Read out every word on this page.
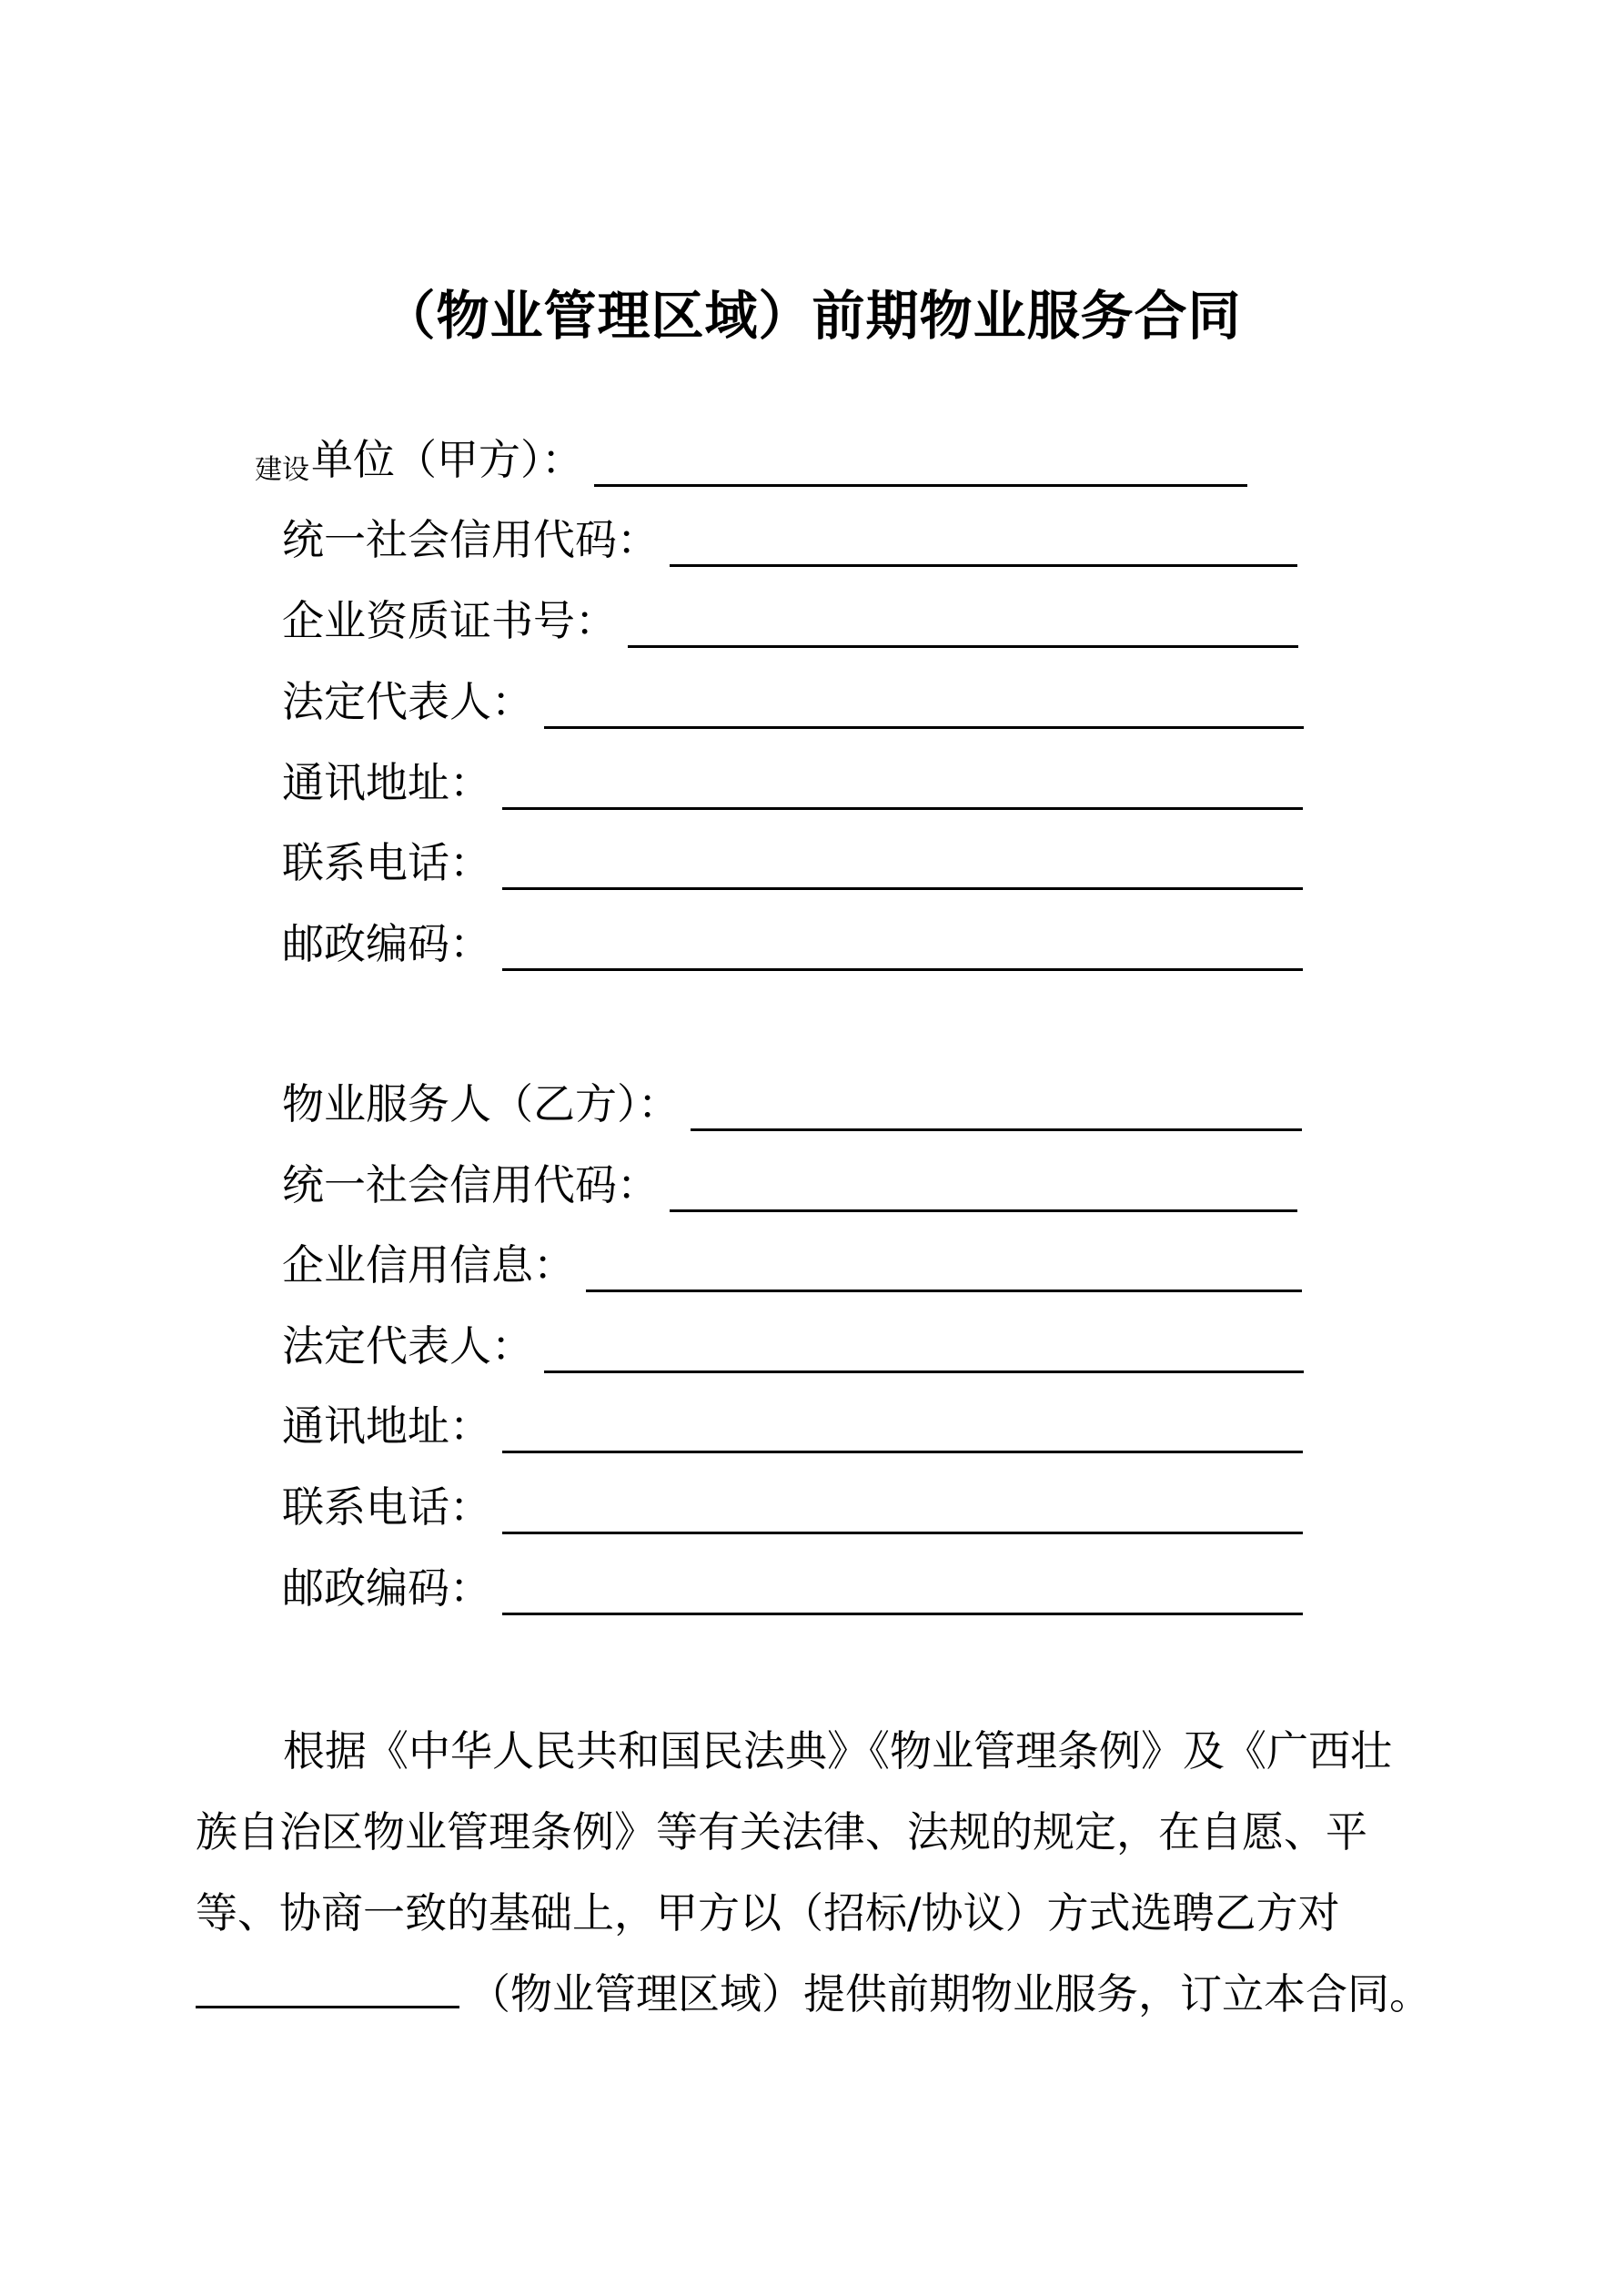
（物业管理区域）前期物业服务合同
建设 单位（甲方）：
统一社会信用代码：
企业资质证书号：
法定代表人：
通讯地址：
联系电话：
邮政编码：
物业服务人（乙方）：
统一社会信用代码：
企业信用信息：
法定代表人：
通讯地址：
联系电话：
邮政编码：

根据《中华人民共和国民法典》《物业管理条例》及《广西壮

族自治区物业管理条例》等有关法律、法规的规定，在自愿、平

等、协商一致的基础上，甲方以（招标/协议）方式选聘乙方对

（物业管理区域）提供前期物业服务，订立本合同。
